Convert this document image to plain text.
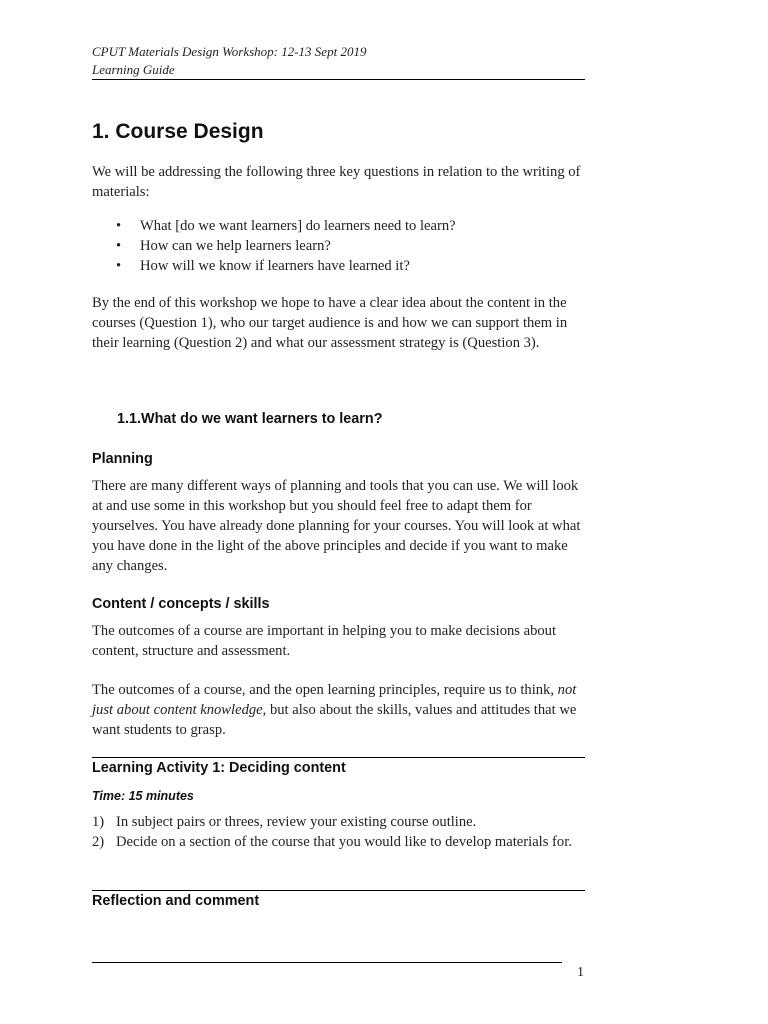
CPUT Materials Design Workshop: 12-13 Sept 2019
Learning Guide
1. Course Design
We will be addressing the following three key questions in relation to the writing of materials:
• What [do we want learners] do learners need to learn?
• How can we help learners learn?
• How will we know if learners have learned it?
By the end of this workshop we hope to have a clear idea about the content in the courses (Question 1), who our target audience is and how we can support them in their learning (Question 2) and what our assessment strategy is (Question 3).
1.1.What do we want learners to learn?
Planning
There are many different ways of planning and tools that you can use. We will look at and use some in this workshop but you should feel free to adapt them for yourselves. You have already done planning for your courses. You will look at what you have done in the light of the above principles and decide if you want to make any changes.
Content / concepts / skills
The outcomes of a course are important in helping you to make decisions about content, structure and assessment.
The outcomes of a course, and the open learning principles, require us to think, not just about content knowledge, but also about the skills, values and attitudes that we want students to grasp.
Learning Activity 1: Deciding content
Time: 15 minutes
1) In subject pairs or threes, review your existing course outline.
2) Decide on a section of the course that you would like to develop materials for.
Reflection and comment
1
